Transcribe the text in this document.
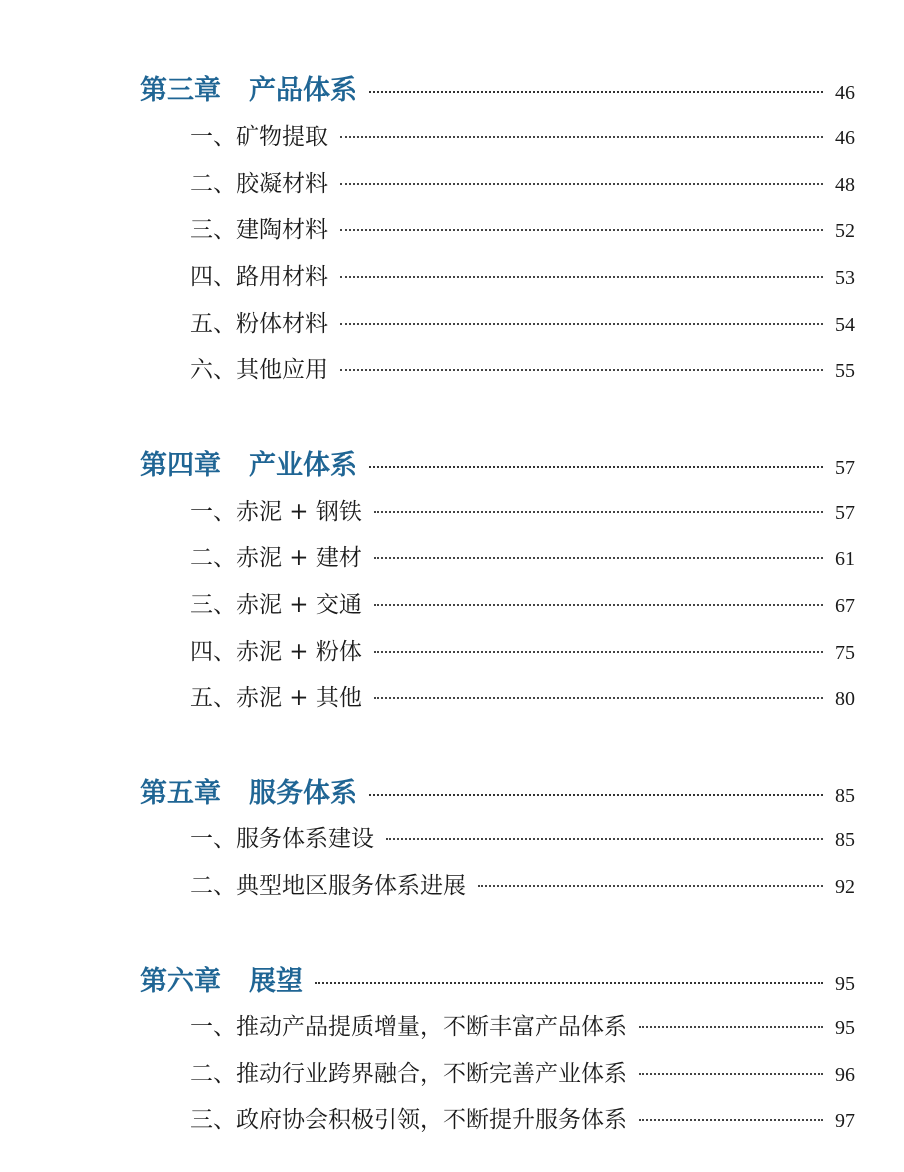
第三章 产品体系	46
一、矿物提取	46
二、胶凝材料	48
三、建陶材料	52
四、路用材料	53
五、粉体材料	54
六、其他应用	55
第四章 产业体系	57
一、赤泥 + 钢铁	57
二、赤泥 + 建材	61
三、赤泥 + 交通	67
四、赤泥 + 粉体	75
五、赤泥 + 其他	80
第五章 服务体系	85
一、服务体系建设	85
二、典型地区服务体系进展	92
第六章 展望	95
一、推动产品提质增量，不断丰富产品体系	95
二、推动行业跨界融合，不断完善产业体系	96
三、政府协会积极引领，不断提升服务体系	97
